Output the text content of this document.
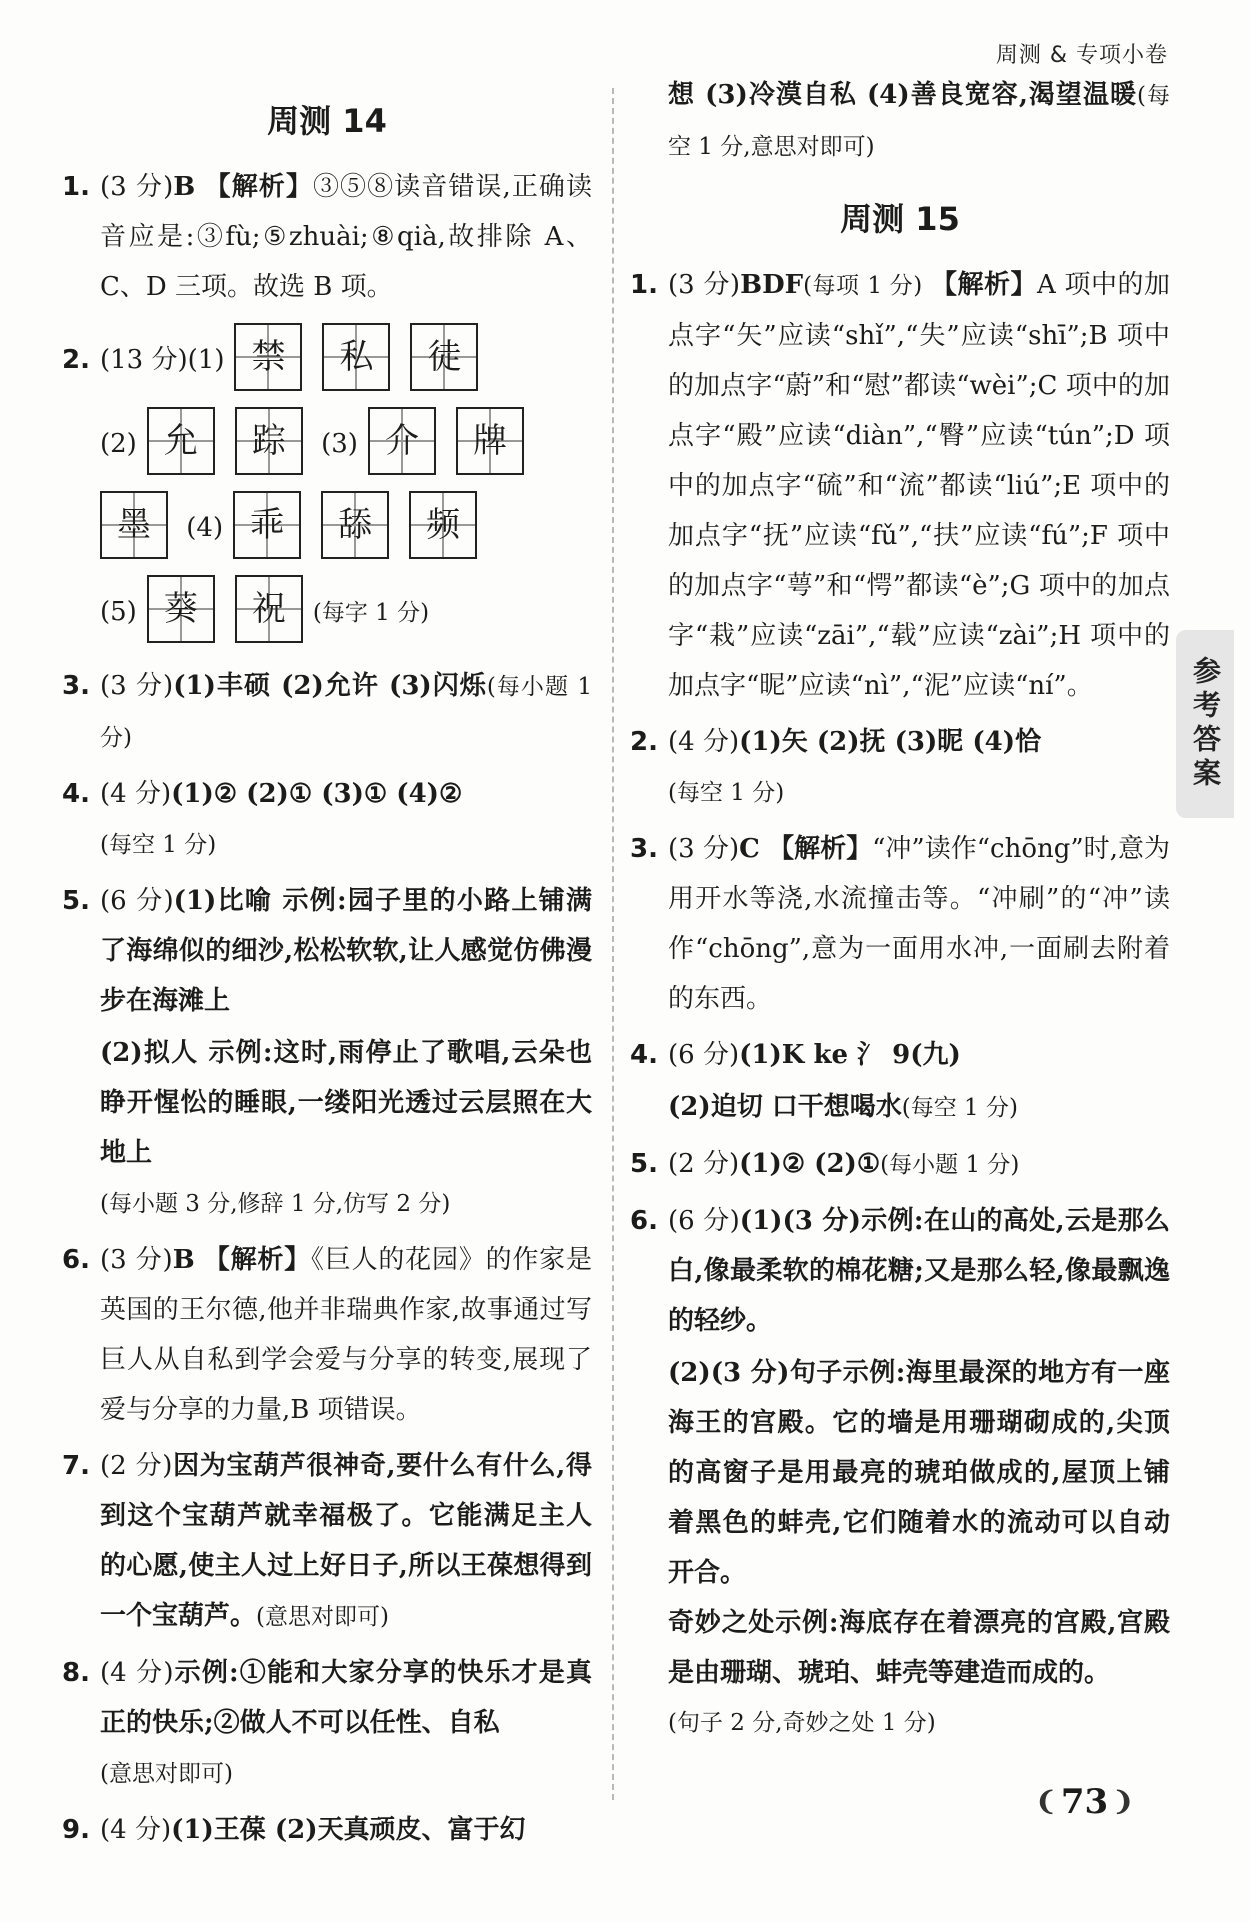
周测 & 专项小卷
参考答案
周测 14
1. (3 分)B 【解析】③⑤⑧读音错误,正确读音应是:③fù;⑤zhuài;⑧qià,故排除 A、C、D 三项。故选 B 项。
2. (13 分)(1) 禁 私 徒
(2) 允 踪 (3) 介 牌
墨 (4) 乖 舔 频
(5) 葵 祝 (每字 1 分)
3. (3 分)(1)丰硕 (2)允许 (3)闪烁(每小题 1 分)
4. (4 分)(1)② (2)① (3)① (4)②
(每空 1 分)
5. (6 分)(1)比喻 示例:园子里的小路上铺满了海绵似的细沙,松松软软,让人感觉仿佛漫步在海滩上
(2)拟人 示例:这时,雨停止了歌唱,云朵也睁开惺忪的睡眼,一缕阳光透过云层照在大地上
(每小题 3 分,修辞 1 分,仿写 2 分)
6. (3 分)B 【解析】《巨人的花园》的作家是英国的王尔德,他并非瑞典作家,故事通过写巨人从自私到学会爱与分享的转变,展现了爱与分享的力量,B 项错误。
7. (2 分)因为宝葫芦很神奇,要什么有什么,得到这个宝葫芦就幸福极了。它能满足主人的心愿,使主人过上好日子,所以王葆想得到一个宝葫芦。(意思对即可)
8. (4 分)示例:①能和大家分享的快乐才是真正的快乐;②做人不可以任性、自私
(意思对即可)
9. (4 分)(1)王葆 (2)天真顽皮、富于幻
想 (3)冷漠自私 (4)善良宽容,渴望温暖(每空 1 分,意思对即可)
周测 15
1. (3 分)BDF(每项 1 分) 【解析】A 项中的加点字“矢”应读“shǐ”,“失”应读“shī”;B 项中的加点字“蔚”和“慰”都读“wèi”;C 项中的加点字“殿”应读“diàn”,“臀”应读“tún”;D 项中的加点字“硫”和“流”都读“liú”;E 项中的加点字“抚”应读“fǔ”,“扶”应读“fú”;F 项中的加点字“萼”和“愕”都读“è”;G 项中的加点字“栽”应读“zāi”,“载”应读“zài”;H 项中的加点字“昵”应读“nì”,“泥”应读“ní”。
2. (4 分)(1)矢 (2)抚 (3)昵 (4)恰
(每空 1 分)
3. (3 分)C 【解析】“冲”读作“chōng”时,意为用开水等浇,水流撞击等。“冲刷”的“冲”读作“chōng”,意为一面用水冲,一面刷去附着的东西。
4. (6 分)(1)K ke 氵 9(九)
(2)迫切 口干想喝水(每空 1 分)
5. (2 分)(1)② (2)①(每小题 1 分)
6. (6 分)(1)(3 分)示例:在山的高处,云是那么白,像最柔软的棉花糖;又是那么轻,像最飘逸的轻纱。
(2)(3 分)句子示例:海里最深的地方有一座海王的宫殿。它的墙是用珊瑚砌成的,尖顶的高窗子是用最亮的琥珀做成的,屋顶上铺着黑色的蚌壳,它们随着水的流动可以自动开合。
奇妙之处示例:海底存在着漂亮的宫殿,宫殿是由珊瑚、琥珀、蚌壳等建造而成的。
(句子 2 分,奇妙之处 1 分)
❨ 73 ❩
